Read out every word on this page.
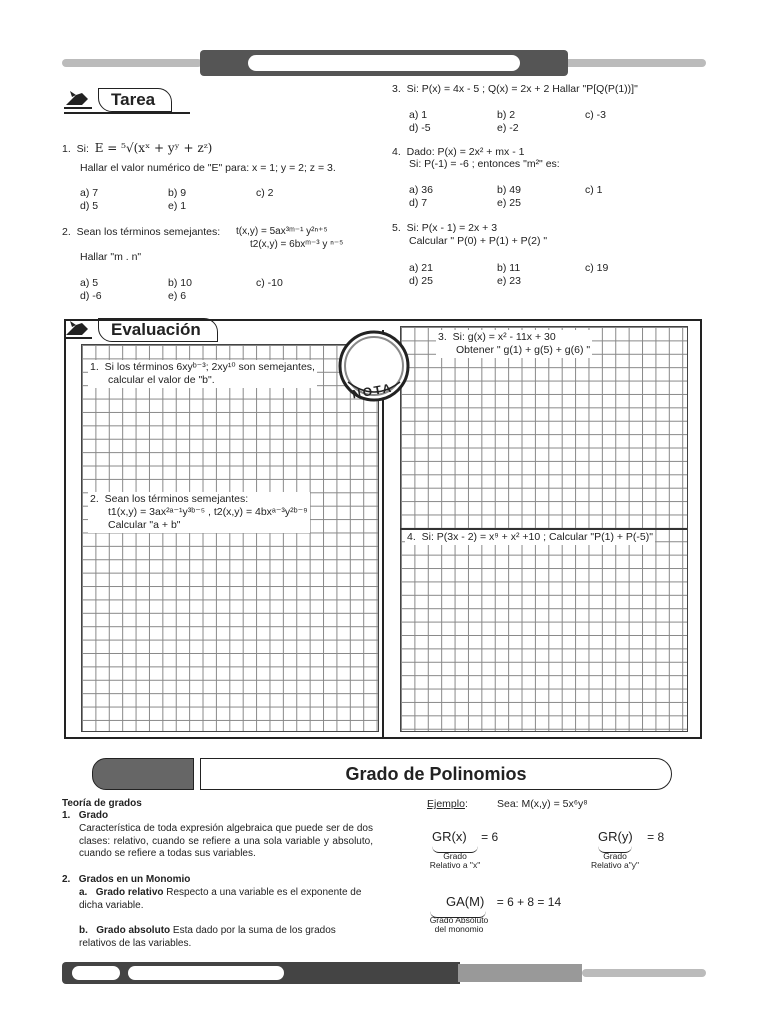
Tarea
1. Si: E = ⁵√(xˣ + yʸ + zᶻ)
Hallar el valor numérico de "E" para: x = 1; y = 2; z = 3.
a) 7	b) 9	c) 2
d) 5	e) 1
2. Sean los términos semejantes: t(x,y) = 5ax³ᵐ⁻¹ y²ⁿ⁺⁵
t2(x,y) = 6bxᵐ⁻³ y ⁿ⁻⁵
Hallar "m . n"
a) 5	b) 10	c) -10
d) -6	e) 6
3. Si: P(x) = 4x - 5 ; Q(x) = 2x + 2 Hallar "P[Q(P(1))]"
a) 1	b) 2	c) -3
d) -5	e) -2
4. Dado: P(x) = 2x² + mx - 1
Si: P(-1) = -6 ; entonces "m²" es:
a) 36	b) 49	c) 1
d) 7	e) 25
5. Si: P(x - 1) = 2x + 3
Calcular " P(0) + P(1) + P(2) "
a) 21	b) 11	c) 19
d) 25	e) 23
Evaluación
1. Si los términos 6xyᵇ⁻³; 2xy¹⁰ son semejantes,
calcular el valor de "b".
2. Sean los términos semejantes:
t1(x,y) = 3ax²ᵃ⁻¹y³ᵇ⁻⁵ , t2(x,y) = 4bxᵃ⁻³y²ᵇ⁻⁹
Calcular "a + b"
3. Si: g(x) = x² - 11x + 30
Obtener " g(1) + g(5) + g(6) "
4. Si: P(3x - 2) = x⁹ + x² +10 ; Calcular "P(1) + P(-5)"
NOTA
Grado de Polinomios
Teoría de grados
1. Grado
Característica de toda expresión algebraica que puede ser de dos clases: relativo, cuando se refiere a una sola variable y absoluto, cuando se refiere a todas sus variables.
2. Grados en un Monomio
a. Grado relativo Respecto a una variable es el exponente de dicha variable.
b. Grado absoluto Esta dado por la suma de los grados relativos de las variables.
Ejemplo:	Sea: M(x,y) = 5x⁶y⁸
GR(x) = 6
Grado
Relativo a "x"
GR(y) = 8
Grado
Relativo a"y"
GA(M) = 6 + 8 = 14
Grado Absoluto
del monomio
